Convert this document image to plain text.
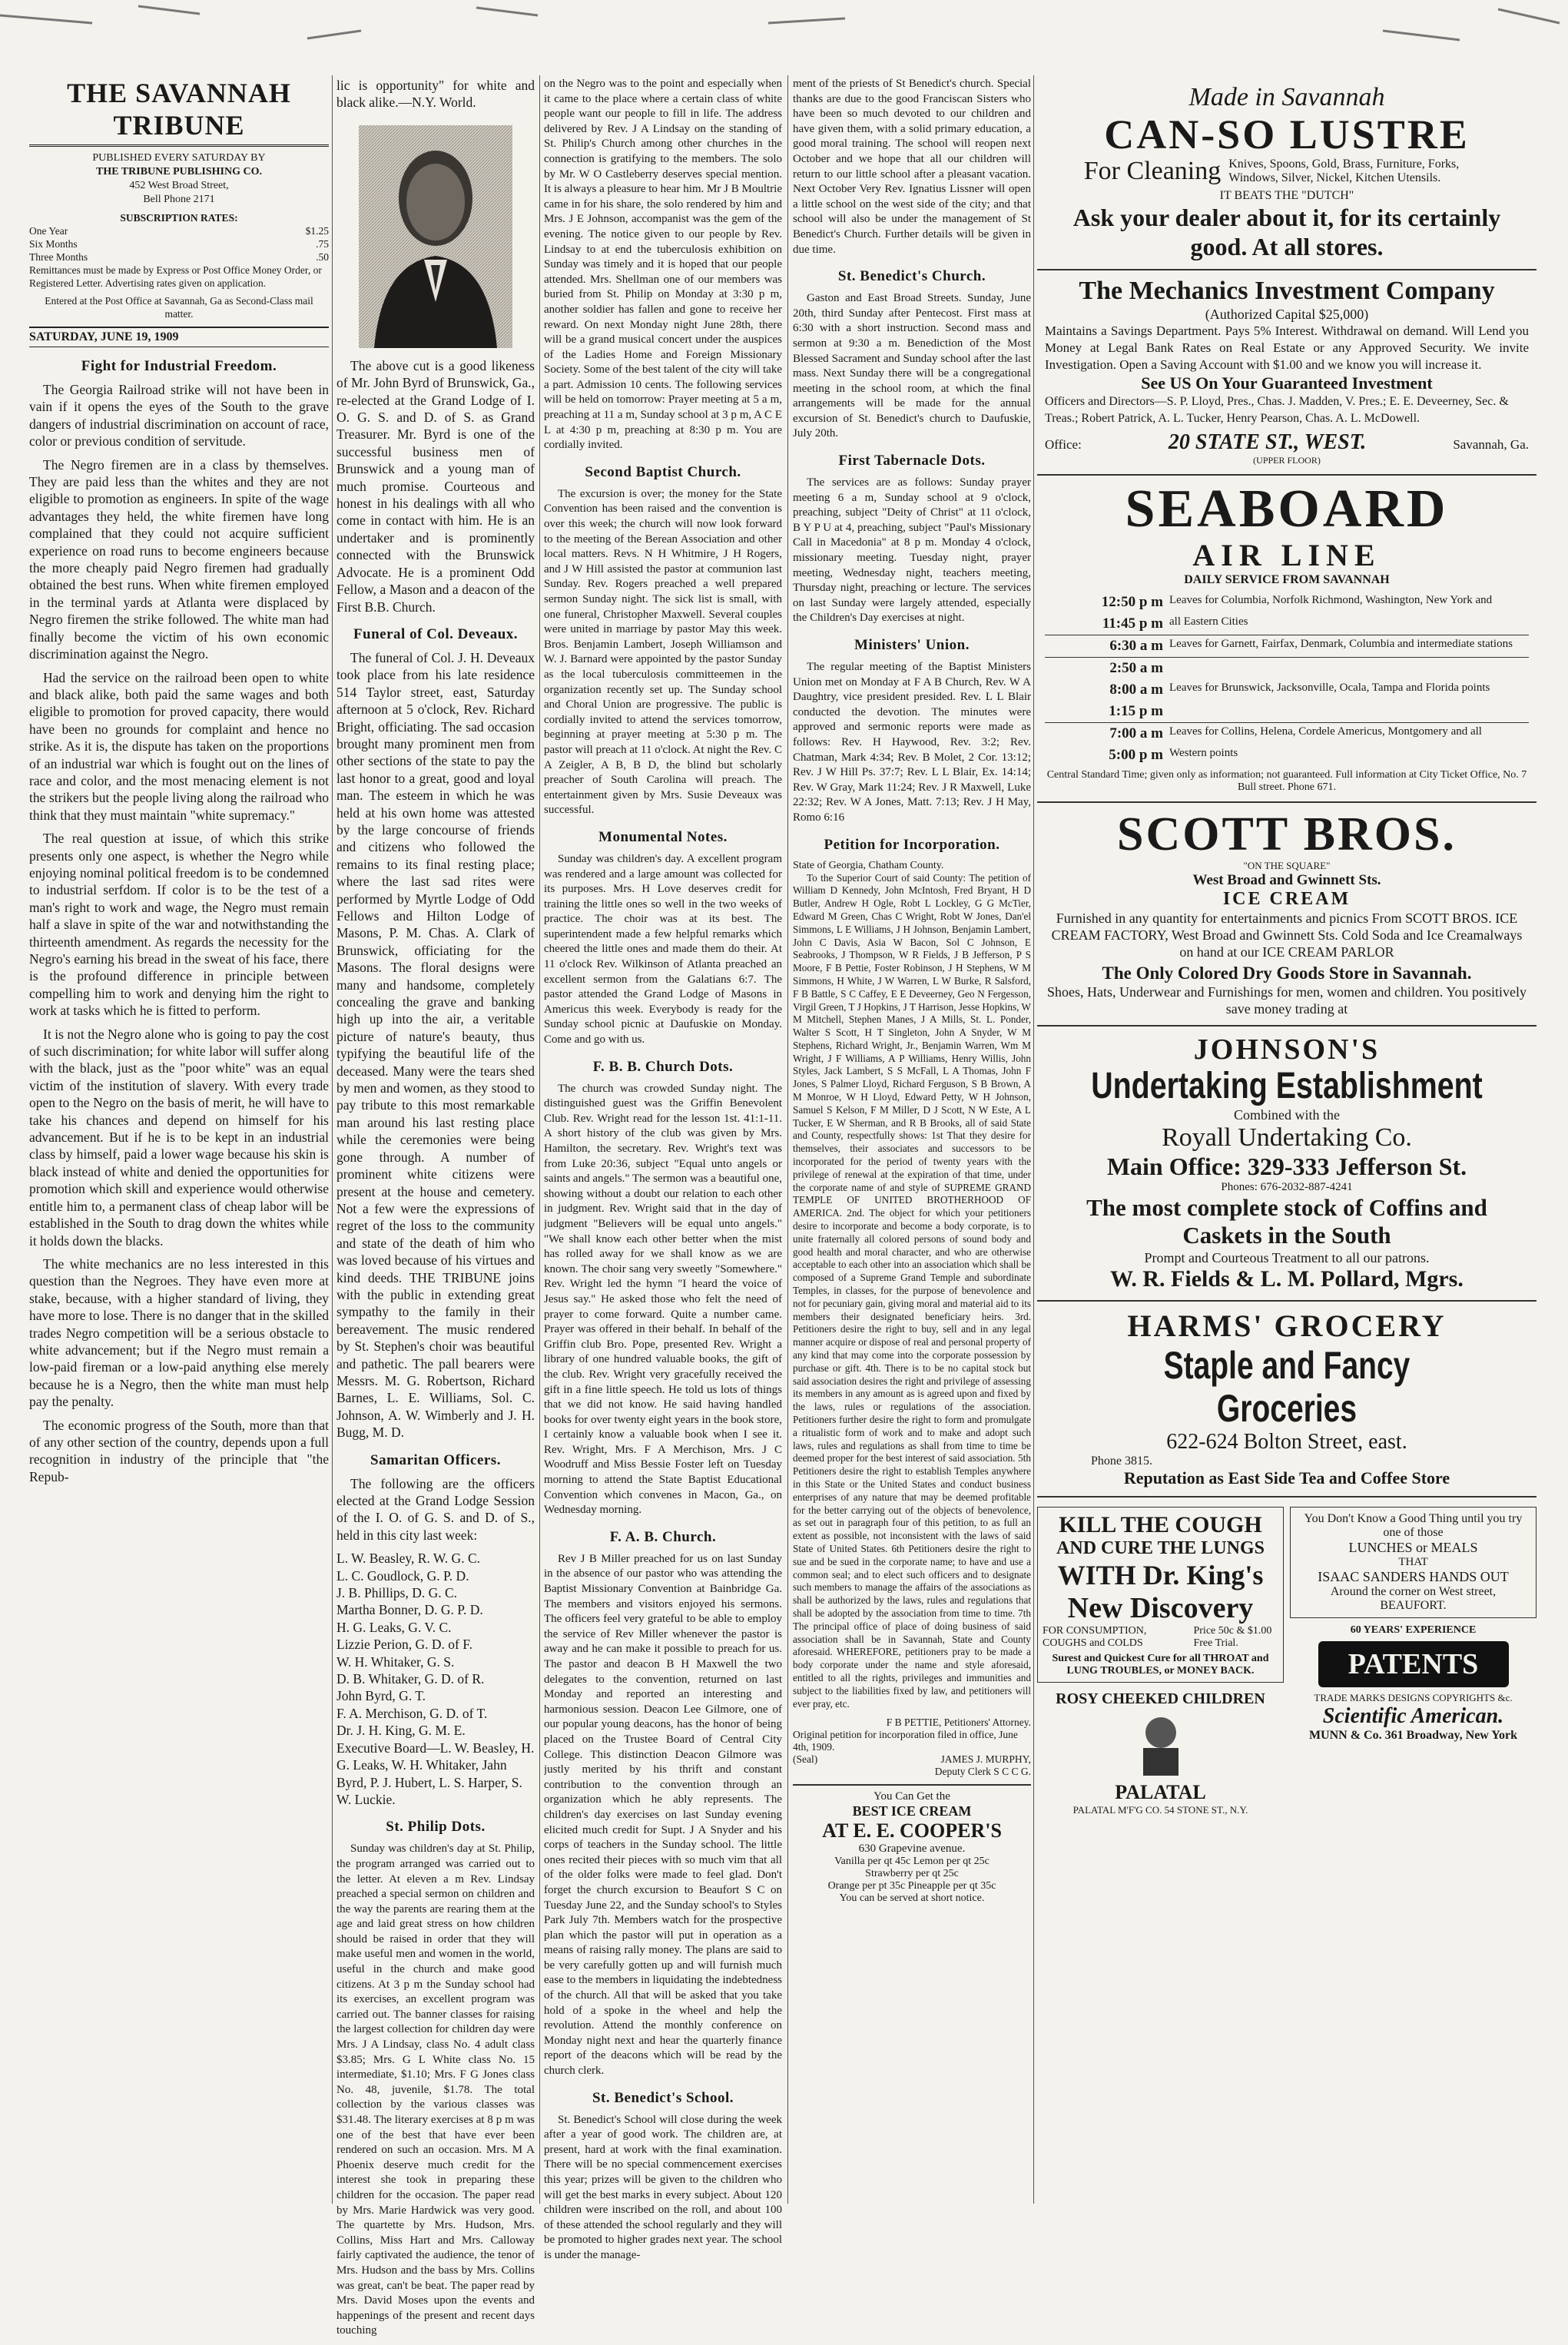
THE SAVANNAH TRIBUNE
PUBLISHED EVERY SATURDAY BY
THE TRIBUNE PUBLISHING CO.
452 West Broad Street,
Bell Phone 2171
SUBSCRIPTION RATES:
One Year	$1.25
Six Months	.75
Three Months	.50
Remittances must be made by Express or Post Office Money Order, or Registered Letter. Advertising rates given on application.
Entered at the Post Office at Savannah, Ga as Second-Class mail matter.
SATURDAY, JUNE 19, 1909
Fight for Industrial Freedom.

The Georgia Railroad strike will not have been in vain if it opens the eyes of the South to the grave dangers of industrial discrimination on account of race, color or previous condition of servitude.

The Negro firemen are in a class by themselves. They are paid less than the whites and they are not eligible to promotion as engineers. In spite of the wage advantages they held, the white firemen have long complained that they could not acquire sufficient experience on road runs to become engineers because the more cheaply paid Negro firemen had gradually obtained the best runs. When white firemen employed in the terminal yards at Atlanta were displaced by Negro firemen the strike followed. The white man had finally become the victim of his own economic discrimination against the Negro.

Had the service on the railroad been open to white and black alike, both paid the same wages and both eligible to promotion for proved capacity, there would have been no grounds for complaint and hence no strike. As it is, the dispute has taken on the proportions of an industrial war which is fought out on the lines of race and color, and the most menacing element is not the strikers but the people living along the railroad who think that they must maintain "white supremacy."

The real question at issue, of which this strike presents only one aspect, is whether the Negro while enjoying nominal political freedom is to be condemned to industrial serfdom. If color is to be the test of a man's right to work and wage, the Negro must remain half a slave in spite of the war and notwithstanding the thirteenth amendment. As regards the necessity for the Negro's earning his bread in the sweat of his face, there is the profound difference in principle between compelling him to work and denying him the right to work at tasks which he is fitted to perform.

It is not the Negro alone who is going to pay the cost of such discrimination; for white labor will suffer along with the black, just as the "poor white" was an equal victim of the institution of slavery. With every trade open to the Negro on the basis of merit, he will have to take his chances and depend on himself for his advancement. But if he is to be kept in an industrial class by himself, paid a lower wage because his skin is black instead of white and denied the opportunities for promotion which skill and experience would otherwise entitle him to, a permanent class of cheap labor will be established in the South to drag down the whites while it holds down the blacks.

The white mechanics are no less interested in this question than the Negroes. They have even more at stake, because, with a higher standard of living, they have more to lose. There is no danger that in the skilled trades Negro competition will be a serious obstacle to white advancement; but if the Negro must remain a low-paid fireman or a low-paid anything else merely because he is a Negro, then the white man must help pay the penalty.

The economic progress of the South, more than that of any other section of the country, depends upon a full recognition in industry of the principle that "the Repub-

lic is opportunity" for white and black alike.—N.Y. World.

The above cut is a good likeness of Mr. John Byrd of Brunswick, Ga., re-elected at the Grand Lodge of I. O. G. S. and D. of S. as Grand Treasurer. Mr. Byrd is one of the successful business men of Brunswick and a young man of much promise. Courteous and honest in his dealings with all who come in contact with him. He is an undertaker and is prominently connected with the Brunswick Advocate. He is a prominent Odd Fellow, a Mason and a deacon of the First B.B. Church.

Funeral of Col. Deveaux.

The funeral of Col. J. H. Deveaux took place from his late residence 514 Taylor street, east, Saturday afternoon at 5 o'clock, Rev. Richard Bright, officiating. The sad occasion brought many prominent men from other sections of the state to pay the last honor to a great, good and loyal man. The esteem in which he was held at his own home was attested by the large concourse of friends and citizens who followed the remains to its final resting place; where the last sad rites were performed by Myrtle Lodge of Odd Fellows and Hilton Lodge of Masons, P. M. Chas. A. Clark of Brunswick, officiating for the Masons. The floral designs were many and handsome, completely concealing the grave and banking high up into the air, a veritable picture of nature's beauty, thus typifying the beautiful life of the deceased. Many were the tears shed by men and women, as they stood to pay tribute to this most remarkable man around his last resting place while the ceremonies were being gone through. A number of prominent white citizens were present at the house and cemetery. Not a few were the expressions of regret of the loss to the community and state of the death of him who was loved because of his virtues and kind deeds. THE TRIBUNE joins with the public in extending great sympathy to the family in their bereavement. The music rendered by St. Stephen's choir was beautiful and pathetic. The pall bearers were Messrs. M. G. Robertson, Richard Barnes, L. E. Williams, Sol. C. Johnson, A. W. Wimberly and J. H. Bugg, M. D.

Samaritan Officers.

The following are the officers elected at the Grand Lodge Session of the I. O. of G. S. and D. of S., held in this city last week:

L. W. Beasley, R. W. G. C.
L. C. Goudlock, G. P. D.
J. B. Phillips, D. G. C.
Martha Bonner, D. G. P. D.
H. G. Leaks, G. V. C.
Lizzie Perion, G. D. of F.
W. H. Whitaker, G. S.
D. B. Whitaker, G. D. of R.
John Byrd, G. T.
F. A. Merchison, G. D. of T.
Dr. J. H. King, G. M. E.
Executive Board—L. W. Beasley, H. G. Leaks, W. H. Whitaker, Jahn Byrd, P. J. Hubert, L. S. Harper, S. W. Luckie.
St. Philip Dots.

Sunday was children's day at St. Philip, the program arranged was carried out to the letter. At eleven a m Rev. Lindsay preached a special sermon on children and the way the parents are rearing them at the age and laid great stress on how children should be raised in order that they will make useful men and women in the world, useful in the church and make good citizens. At 3 p m the Sunday school had its exercises, an excellent program was carried out. The banner classes for raising the largest collection for children day were Mrs. J A Lindsay, class No. 4 adult class $3.85; Mrs. G L White class No. 15 intermediate, $1.10; Mrs. F G Jones class No. 48, juvenile, $1.78. The total collection by the various classes was $31.48. The literary exercises at 8 p m was one of the best that have ever been rendered on such an occasion. Mrs. M A Phoenix deserve much credit for the interest she took in preparing these children for the occasion. The paper read by Mrs. Marie Hardwick was very good. The quartette by Mrs. Hudson, Mrs. Collins, Miss Hart and Mrs. Calloway fairly captivated the audience, the tenor of Mrs. Hudson and the bass by Mrs. Collins was great, can't be beat. The paper read by Mrs. David Moses upon the events and happenings of the present and recent days touching

on the Negro was to the point and especially when it came to the place where a certain class of white people want our people to fill in life. The address delivered by Rev. J A Lindsay on the standing of St. Philip's Church among other churches in the connection is gratifying to the members. The solo by Mr. W O Castleberry deserves special mention. It is always a pleasure to hear him. Mr J B Moultrie came in for his share, the solo rendered by him and Mrs. J E Johnson, accompanist was the gem of the evening. The notice given to our people by Rev. Lindsay to at end the tuberculosis exhibition on Sunday was timely and it is hoped that our people attended. Mrs. Shellman one of our members was buried from St. Philip on Monday at 3:30 p m, another soldier has fallen and gone to receive her reward. On next Monday night June 28th, there will be a grand musical concert under the auspices of the Ladies Home and Foreign Missionary Society. Some of the best talent of the city will take a part. Admission 10 cents. The following services will be held on tomorrow: Prayer meeting at 5 a m, preaching at 11 a m, Sunday school at 3 p m, A C E L at 4:30 p m, preaching at 8:30 p m. You are cordially invited.

Second Baptist Church.

The excursion is over; the money for the State Convention has been raised and the convention is over this week; the church will now look forward to the meeting of the Berean Association and other local matters. Revs. N H Whitmire, J H Rogers, and J W Hill assisted the pastor at communion last Sunday. Rev. Rogers preached a well prepared sermon Sunday night. The sick list is small, with one funeral, Christopher Maxwell. Several couples were united in marriage by pastor May this week. Bros. Benjamin Lambert, Joseph Williamson and W. J. Barnard were appointed by the pastor Sunday as the local tuberculosis committeemen in the organization recently set up. The Sunday school and Choral Union are progressive. The public is cordially invited to attend the services tomorrow, beginning at prayer meeting at 5:30 p m. The pastor will preach at 11 o'clock. At night the Rev. C A Zeigler, A B, B D, the blind but scholarly preacher of South Carolina will preach. The entertainment given by Mrs. Susie Deveaux was successful.

Monumental Notes.

Sunday was children's day. A excellent program was rendered and a large amount was collected for its purposes. Mrs. H Love deserves credit for training the little ones so well in the two weeks of practice. The choir was at its best. The superintendent made a few helpful remarks which cheered the little ones and made them do their. At 11 o'clock Rev. Wilkinson of Atlanta preached an excellent sermon from the Galatians 6:7. The pastor attended the Grand Lodge of Masons in Americus this week. Everybody is ready for the Sunday school picnic at Daufuskie on Monday. Come and go with us.

F. B. B. Church Dots.

The church was crowded Sunday night. The distinguished guest was the Griffin Benevolent Club. Rev. Wright read for the lesson 1st. 41:1-11. A short history of the club was given by Mrs. Hamilton, the secretary. Rev. Wright's text was from Luke 20:36, subject "Equal unto angels or saints and angels." The sermon was a beautiful one, showing without a doubt our relation to each other in judgment. Rev. Wright said that in the day of judgment "Believers will be equal unto angels." "We shall know each other better when the mist has rolled away for we shall know as we are known. The choir sang very sweetly "Somewhere." Rev. Wright led the hymn "I heard the voice of Jesus say." He asked those who felt the need of prayer to come forward. Quite a number came. Prayer was offered in their behalf. In behalf of the Griffin club Bro. Pope, presented Rev. Wright a library of one hundred valuable books, the gift of the club. Rev. Wright very gracefully received the gift in a fine little speech. He told us lots of things that we did not know. He said having handled books for over twenty eight years in the book store, I certainly know a valuable book when I see it. Rev. Wright, Mrs. F A Merchison, Mrs. J C Woodruff and Miss Bessie Foster left on Tuesday morning to attend the State Baptist Educational Convention which convenes in Macon, Ga., on Wednesday morning.

F. A. B. Church.

Rev J B Miller preached for us on last Sunday in the absence of our pastor who was attending the Baptist Missionary Convention at Bainbridge Ga. The members and visitors enjoyed his sermons. The officers feel very grateful to be able to employ the service of Rev Miller whenever the pastor is away and he can make it possible to preach for us. The pastor and deacon B H Maxwell the two delegates to the convention, returned on last Monday and reported an interesting and harmonious session. Deacon Lee Gilmore, one of our popular young deacons, has the honor of being placed on the Trustee Board of Central City College. This distinction Deacon Gilmore was justly merited by his thrift and constant contribution to the convention through an organization which he ably represents. The children's day exercises on last Sunday evening elicited much credit for Supt. J A Snyder and his corps of teachers in the Sunday school. The little ones recited their pieces with so much vim that all of the older folks were made to feel glad. Don't forget the church excursion to Beaufort S C on Tuesday June 22, and the Sunday school's to Styles Park July 7th. Members watch for the prospective plan which the pastor will put in operation as a means of raising rally money. The plans are said to be very carefully gotten up and will furnish much ease to the members in liquidating the indebtedness of the church. All that will be asked that you take hold of a spoke in the wheel and help the revolution. Attend the monthly conference on Monday night next and hear the quarterly finance report of the deacons which will be read by the church clerk.

St. Benedict's School.

St. Benedict's School will close during the week after a year of good work. The children are, at present, hard at work with the final examination. There will be no special commencement exercises this year; prizes will be given to the children who will get the best marks in every subject. About 120 children were inscribed on the roll, and about 100 of these attended the school regularly and they will be promoted to higher grades next year. The school is under the manage-

ment of the priests of St Benedict's church. Special thanks are due to the good Franciscan Sisters who have been so much devoted to our children and have given them, with a solid primary education, a good moral training. The school will reopen next October and we hope that all our children will return to our little school after a pleasant vacation. Next October Very Rev. Ignatius Lissner will open a little school on the west side of the city; and that school will also be under the management of St Benedict's Church. Further details will be given in due time.

St. Benedict's Church.

Gaston and East Broad Streets. Sunday, June 20th, third Sunday after Pentecost. First mass at 6:30 with a short instruction. Second mass and sermon at 9:30 a m. Benediction of the Most Blessed Sacrament and Sunday school after the last mass. Next Sunday there will be a congregational meeting in the school room, at which the final arrangements will be made for the annual excursion of St. Benedict's church to Daufuskie, July 20th.

First Tabernacle Dots.

The services are as follows: Sunday prayer meeting 6 a m, Sunday school at 9 o'clock, preaching, subject "Deity of Christ" at 11 o'clock, B Y P U at 4, preaching, subject "Paul's Missionary Call in Macedonia" at 8 p m. Monday 4 o'clock, missionary meeting. Tuesday night, prayer meeting, Wednesday night, teachers meeting, Thursday night, preaching or lecture. The services on last Sunday were largely attended, especially the Children's Day exercises at night.

Ministers' Union.

The regular meeting of the Baptist Ministers Union met on Monday at F A B Church, Rev. W A Daughtry, vice president presided. Rev. L L Blair conducted the devotion. The minutes were approved and sermonic reports were made as follows: Rev. H Haywood, Rev. 3:2; Rev. Chatman, Mark 4:34; Rev. B Molet, 2 Cor. 13:12; Rev. J W Hill Ps. 37:7; Rev. L L Blair, Ex. 14:14; Rev. W Gray, Mark 11:24; Rev. J R Maxwell, Luke 22:32; Rev. W A Jones, Matt. 7:13; Rev. J H May, Romo 6:16

Petition for Incorporation.
State of Georgia, Chatham County.

To the Superior Court of said County: The petition of William D Kennedy, John McIntosh, Fred Bryant, H D Butler, Andrew H Ogle, Robt L Lockley, G G McTier, Edward M Green, Chas C Wright, Robt W Jones, Dan'el Simmons, L E Williams, J H Johnson, Benjamin Lambert, John C Davis, Asia W Bacon, Sol C Johnson, E Seabrooks, J Thompson, W R Fields, J B Jefferson, P S Moore, F B Pettie, Foster Robinson, J H Stephens, W M Simmons, H White, J W Warren, L W Burke, R Salsford, F B Battle, S C Caffey, E E Deveerney, Geo N Fergesson, Virgil Green, T J Hopkins, J T Harrison, Jesse Hopkins, W M Mitchell, Stephen Manes, J A Mills, St. L. Ponder, Walter S Scott, H T Singleton, John A Snyder, W M Stephens, Richard Wright, Jr., Benjamin Warren, Wm M Wright, J F Williams, A P Williams, Henry Willis, John Styles, Jack Lambert, S S McFall, L A Thomas, John F Jones, S Palmer Lloyd, Richard Ferguson, S B Brown, A M Monroe, W H Lloyd, Edward Petty, W H Johnson, Samuel S Kelson, F M Miller, D J Scott, N W Este, A L Tucker, E W Sherman, and R B Brooks, all of said State and County, respectfully shows: 1st That they desire for themselves, their associates and successors to be incorporated for the period of twenty years with the privilege of renewal at the expiration of that time, under the corporate name of and style of SUPREME GRAND TEMPLE OF UNITED BROTHERHOOD OF AMERICA. 2nd. The object for which your petitioners desire to incorporate and become a body corporate, is to unite fraternally all colored persons of sound body and good health and moral character, and who are otherwise acceptable to each other into an association which shall be composed of a Supreme Grand Temple and subordinate Temples, in classes, for the purpose of benevolence and not for pecuniary gain, giving moral and material aid to its members their designated beneficiary heirs. 3rd. Petitioners desire the right to buy, sell and in any legal manner acquire or dispose of real and personal property of any kind that may come into the corporate possession by purchase or gift. 4th. There is to be no capital stock but said association desires the right and privilege of assessing its members in any amount as is agreed upon and fixed by the laws, rules or regulations of the association. Petitioners further desire the right to form and promulgate a ritualistic form of work and to make and adopt such laws, rules and regulations as shall from time to time be deemed proper for the best interest of said association. 5th Petitioners desire the right to establish Temples anywhere in this State or the United States and conduct business enterprises of any nature that may be deemed profitable for the better carrying out of the objects of benevolence, as set out in paragraph four of this petition, to as full an extent as possible, not inconsistent with the laws of said State of United States. 6th Petitioners desire the right to sue and be sued in the corporate name; to have and use a common seal; and to elect such officers and to designate such members to manage the affairs of the associations as shall be authorized by the laws, rules and regulations that shall be adopted by the association from time to time. 7th The principal office of place of doing business of said association shall be in Savannah, State and County aforesaid. WHEREFORE, petitioners pray to be made a body corporate under the name and style aforesaid, entitled to all the rights, privileges and immunities and subject to the liabilities fixed by law, and petitioners will ever pray, etc.

F B PETTIE, Petitioners' Attorney.
Original petition for incorporation filed in office, June 4th, 1909.
(Seal)	JAMES J. MURPHY,
Deputy Clerk S C C G.
You Can Get the
BEST ICE CREAM
AT E. E. COOPER'S
630 Grapevine avenue.
Vanilla per qt 45c Lemon per qt 25c
Strawberry per qt 25c
Orange per pt 35c Pineapple per qt 35c
You can be served at short notice.
Made in Savannah
CAN-SO LUSTRE
For Cleaning Knives, Spoons, Gold, Brass, Furniture, Forks, Windows, Silver, Nickel, Kitchen Utensils.
IT BEATS THE "DUTCH"
Ask your dealer about it, for its certainly good. At all stores.
The Mechanics Investment Company
(Authorized Capital $25,000)
Maintains a Savings Department. Pays 5% Interest. Withdrawal on demand. Will Lend you Money at Legal Bank Rates on Real Estate or any Approved Security. We invite Investigation. Open a Saving Account with $1.00 and we know you will increase it.
See US On Your Guaranteed Investment
Officers and Directors—S. P. Lloyd, Pres., Chas. J. Madden, V. Pres.; E. E. Deveerney, Sec. & Treas.; Robert Patrick, A. L. Tucker, Henry Pearson, Chas. A. L. McDowell.
Office:	20 STATE ST., WEST.	Savannah, Ga.
(UPPER FLOOR)
SEABOARD
AIR LINE
DAILY SERVICE FROM SAVANNAH
12:50 p m	Leaves for Columbia, Norfolk Richmond, Washington, New York and
11:45 p m	all Eastern Cities
6:30 a m	Leaves for Garnett, Fairfax, Denmark, Columbia and intermediate stations
2:50 a m	
8:00 a m	Leaves for Brunswick, Jacksonville, Ocala, Tampa and Florida points
1:15 p m	
7:00 a m	Leaves for Collins, Helena, Cordele Americus, Montgomery and all
5:00 p m	Western points
Central Standard Time; given only as information; not guaranteed. Full information at City Ticket Office, No. 7 Bull street. Phone 671.
SCOTT BROS.
"ON THE SQUARE"
West Broad and Gwinnett Sts.
ICE CREAM
Furnished in any quantity for entertainments and picnics From SCOTT BROS. ICE CREAM FACTORY, West Broad and Gwinnett Sts. Cold Soda and Ice Creamalways on hand at our ICE CREAM PARLOR
The Only Colored Dry Goods Store in Savannah.
Shoes, Hats, Underwear and Furnishings for men, women and children. You positively save money trading at
JOHNSON'S
Undertaking Establishment
Combined with the
Royall Undertaking Co.
Main Office: 329-333 Jefferson St.
Phones: 676-2032-887-4241
The most complete stock of Coffins and Caskets in the South
Prompt and Courteous Treatment to all our patrons.
W. R. Fields & L. M. Pollard, Mgrs.
HARMS' GROCERY
Staple and Fancy Groceries
622-624 Bolton Street, east.
Phone 3815.
Reputation as East Side Tea and Coffee Store
KILL THE COUGH
AND CURE THE LUNGS
WITH Dr. King's
New Discovery
FOR CONSUMPTION, COUGHS and COLDS
Price 50c & $1.00 Free Trial.
Surest and Quickest Cure for all THROAT and LUNG TROUBLES, or MONEY BACK.
ROSY CHEEKED CHILDREN
PALATAL
PALATAL M'F'G CO. 54 STONE ST., N.Y.
You Don't Know a Good Thing until you try one of those
LUNCHES or MEALS
THAT
ISAAC SANDERS HANDS OUT
Around the corner on West street,
BEAUFORT.
60 YEARS' EXPERIENCE
PATENTS
TRADE MARKS DESIGNS COPYRIGHTS &c.
Scientific American.
MUNN & Co. 361 Broadway, New York
